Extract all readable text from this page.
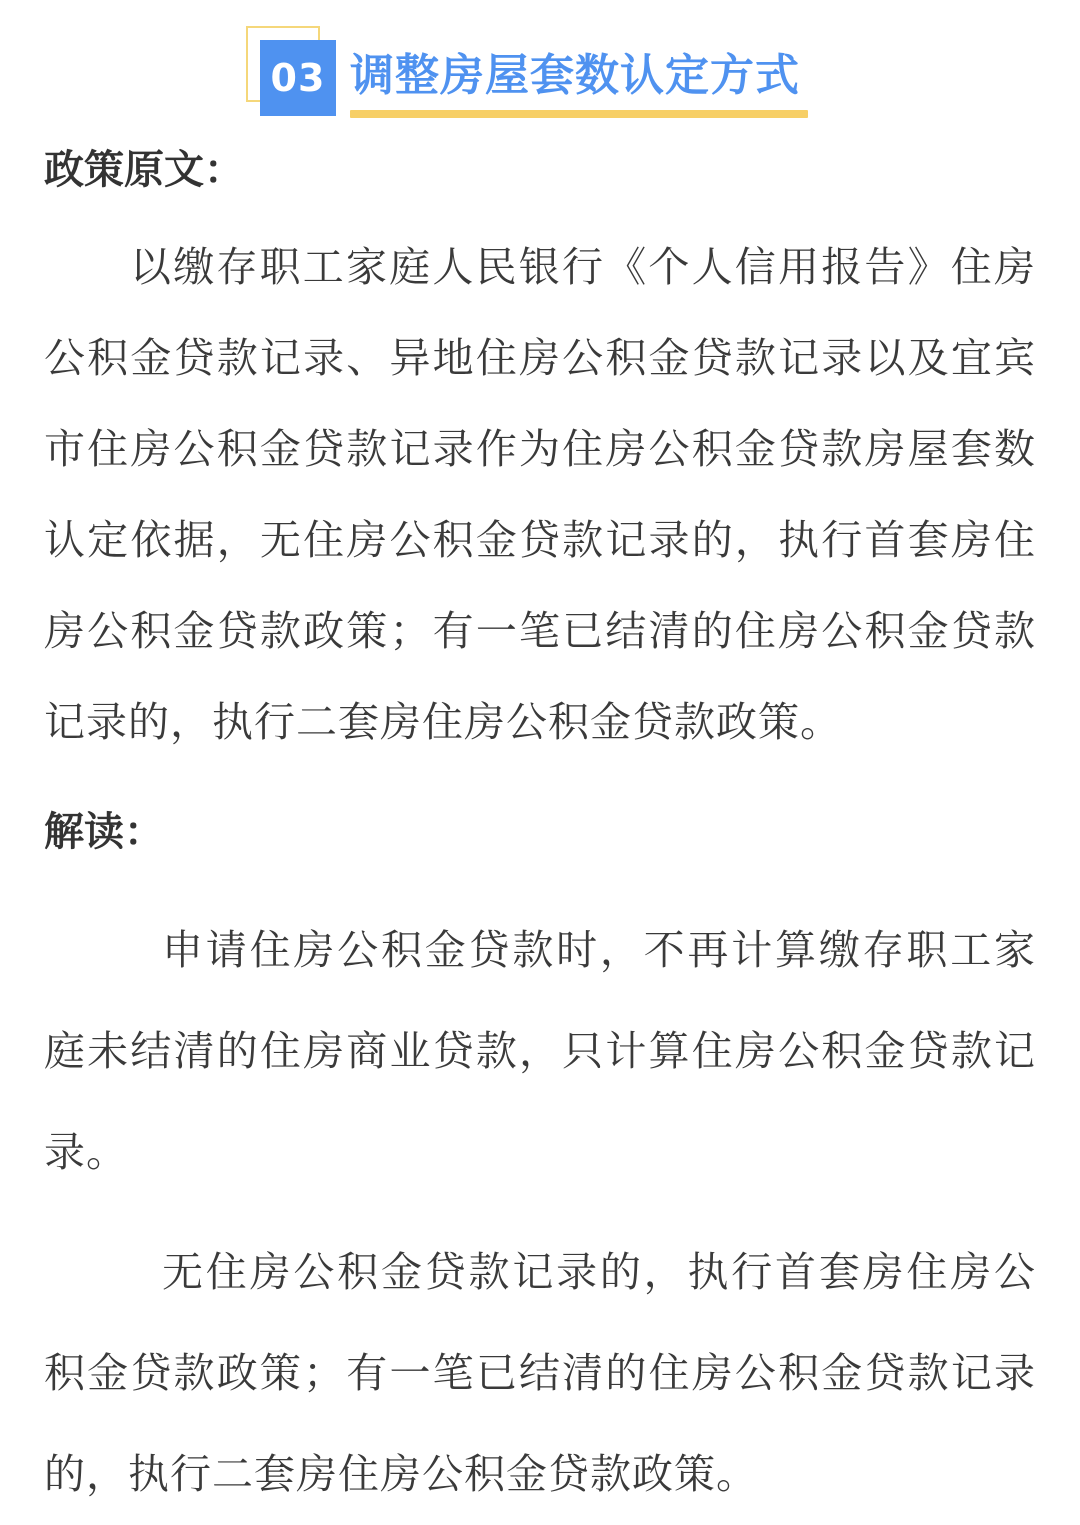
03 调整房屋套数认定方式
政策原文：

以缴存职工家庭人民银行《个人信用报告》住房公积金贷款记录、异地住房公积金贷款记录以及宜宾市住房公积金贷款记录作为住房公积金贷款房屋套数认定依据，无住房公积金贷款记录的，执行首套房住房公积金贷款政策；有一笔已结清的住房公积金贷款记录的，执行二套房住房公积金贷款政策。

解读：

申请住房公积金贷款时，不再计算缴存职工家庭未结清的住房商业贷款，只计算住房公积金贷款记录。

无住房公积金贷款记录的，执行首套房住房公积金贷款政策；有一笔已结清的住房公积金贷款记录的，执行二套房住房公积金贷款政策。
